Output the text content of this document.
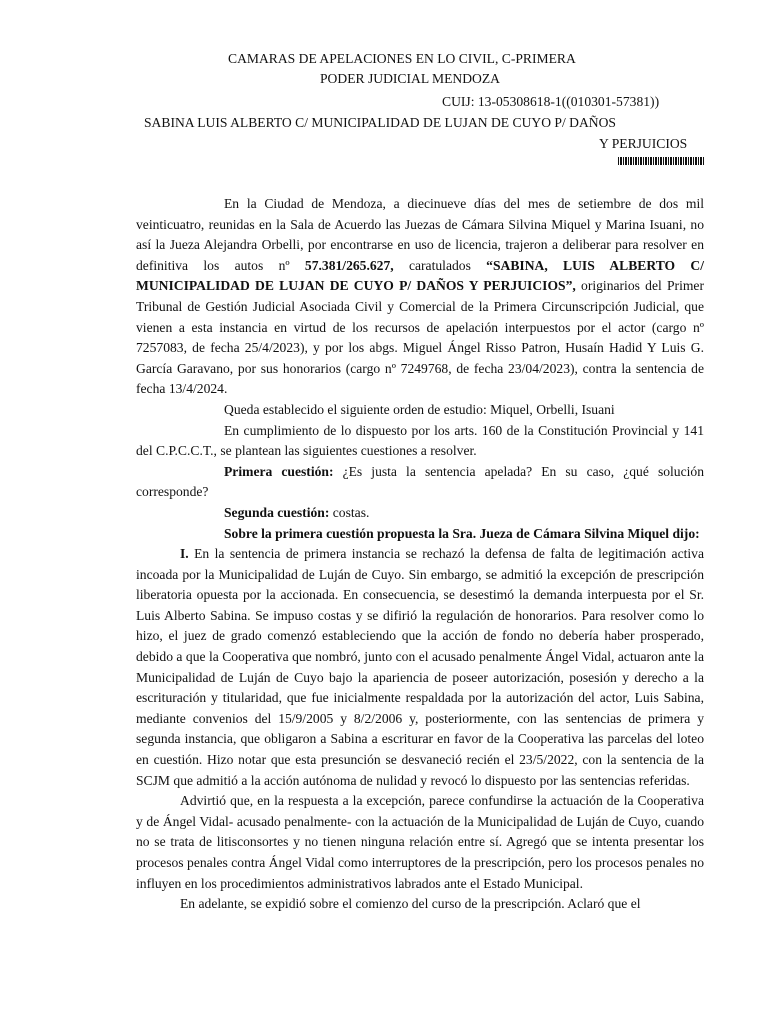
CAMARAS DE APELACIONES EN LO CIVIL, C-PRIMERA
PODER JUDICIAL MENDOZA
CUIJ: 13-05308618-1((010301-57381))
SABINA LUIS ALBERTO C/ MUNICIPALIDAD DE LUJAN DE CUYO P/ DAÑOS
Y PERJUICIOS

En la Ciudad de Mendoza, a diecinueve días del mes de setiembre de dos mil veinticuatro, reunidas en la Sala de Acuerdo las Juezas de Cámara Silvina Miquel y Marina Isuani, no así la Jueza Alejandra Orbelli, por encontrarse en uso de licencia, trajeron a deliberar para resolver en definitiva los autos nº 57.381/265.627, caratulados “SABINA, LUIS ALBERTO C/ MUNICIPALIDAD DE LUJAN DE CUYO P/ DAÑOS Y PERJUICIOS”, originarios del Primer Tribunal de Gestión Judicial Asociada Civil y Comercial de la Primera Circunscripción Judicial, que vienen a esta instancia en virtud de los recursos de apelación interpuestos por el actor (cargo nº 7257083, de fecha 25/4/2023), y por los abgs. Miguel Ángel Risso Patron, Husaín Hadid Y Luis G. García Garavano, por sus honorarios (cargo nº 7249768, de fecha 23/04/2023), contra la sentencia de fecha 13/4/2024.

Queda establecido el siguiente orden de estudio: Miquel, Orbelli, Isuani

En cumplimiento de lo dispuesto por los arts. 160 de la Constitución Provincial y 141 del C.P.C.C.T., se plantean las siguientes cuestiones a resolver.

Primera cuestión: ¿Es justa la sentencia apelada? En su caso, ¿qué solución corresponde?

Segunda cuestión: costas.

Sobre la primera cuestión propuesta la Sra. Jueza de Cámara Silvina Miquel dijo:

I. En la sentencia de primera instancia se rechazó la defensa de falta de legitimación activa incoada por la Municipalidad de Luján de Cuyo. Sin embargo, se admitió la excepción de prescripción liberatoria opuesta por la accionada. En consecuencia, se desestimó la demanda interpuesta por el Sr. Luis Alberto Sabina. Se impuso costas y se difirió la regulación de honorarios. Para resolver como lo hizo, el juez de grado comenzó estableciendo que la acción de fondo no debería haber prosperado, debido a que la Cooperativa que nombró, junto con el acusado penalmente Ángel Vidal, actuaron ante la Municipalidad de Luján de Cuyo bajo la apariencia de poseer autorización, posesión y derecho a la escrituración y titularidad, que fue inicialmente respaldada por la autorización del actor, Luis Sabina, mediante convenios del 15/9/2005 y 8/2/2006 y, posteriormente, con las sentencias de primera y segunda instancia, que obligaron a Sabina a escriturar en favor de la Cooperativa las parcelas del loteo en cuestión. Hizo notar que esta presunción se desvaneció recién el 23/5/2022, con la sentencia de la SCJM que admitió a la acción autónoma de nulidad y revocó lo dispuesto por las sentencias referidas.

Advirtió que, en la respuesta a la excepción, parece confundirse la actuación de la Cooperativa y de Ángel Vidal- acusado penalmente- con la actuación de la Municipalidad de Luján de Cuyo, cuando no se trata de litisconsortes y no tienen ninguna relación entre sí. Agregó que se intenta presentar los procesos penales contra Ángel Vidal como interruptores de la prescripción, pero los procesos penales no influyen en los procedimientos administrativos labrados ante el Estado Municipal.

En adelante, se expidió sobre el comienzo del curso de la prescripción. Aclaró que el
